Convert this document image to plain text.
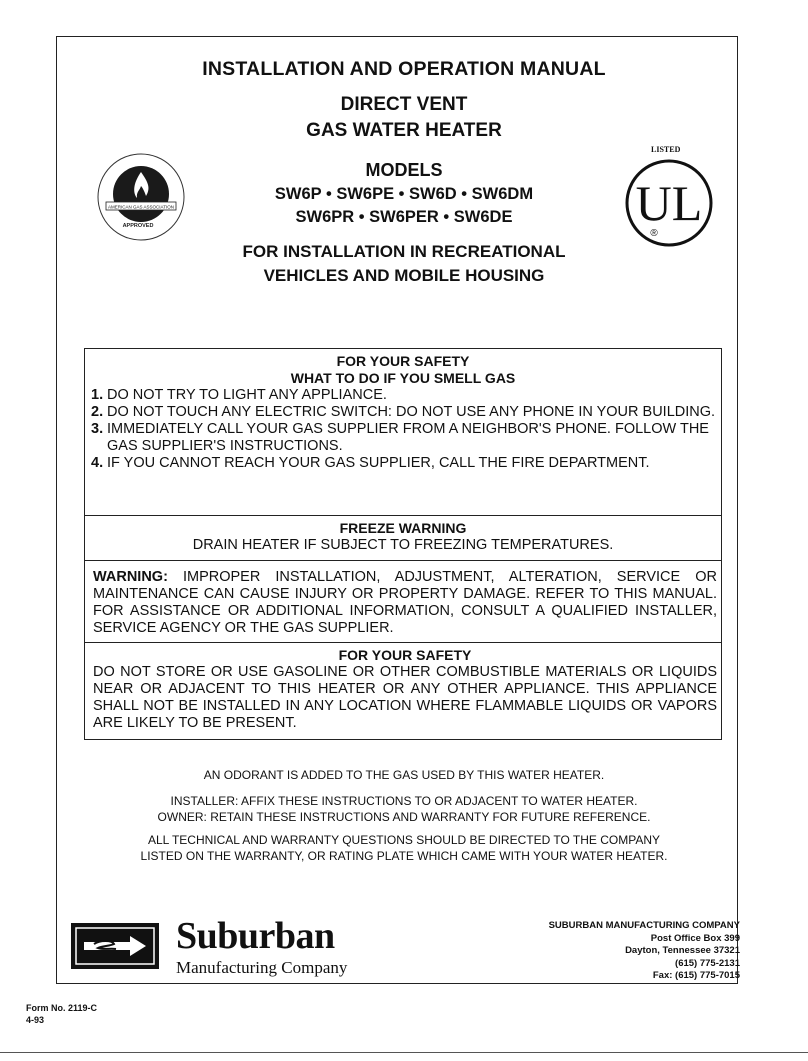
INSTALLATION AND OPERATION MANUAL
DIRECT VENT
GAS WATER HEATER
MODELS
SW6P • SW6PE • SW6D • SW6DM
SW6PR • SW6PER • SW6DE
FOR INSTALLATION IN RECREATIONAL
VEHICLES AND MOBILE HOUSING
AMERICAN GAS ASSOCIATION
APPROVED
LISTED
UL
®
FOR YOUR SAFETY
WHAT TO DO IF YOU SMELL GAS
1. DO NOT TRY TO LIGHT ANY APPLIANCE.
2. DO NOT TOUCH ANY ELECTRIC SWITCH: DO NOT USE ANY PHONE IN YOUR BUILDING.
3. IMMEDIATELY CALL YOUR GAS SUPPLIER FROM A NEIGHBOR'S PHONE. FOLLOW THE GAS SUPPLIER'S INSTRUCTIONS.
4. IF YOU CANNOT REACH YOUR GAS SUPPLIER, CALL THE FIRE DEPARTMENT.
FREEZE WARNING
DRAIN HEATER IF SUBJECT TO FREEZING TEMPERATURES.
WARNING: IMPROPER INSTALLATION, ADJUSTMENT, ALTERATION, SERVICE OR MAINTENANCE CAN CAUSE INJURY OR PROPERTY DAMAGE. REFER TO THIS MANUAL. FOR ASSISTANCE OR ADDITIONAL INFORMATION, CONSULT A QUALIFIED INSTALLER, SERVICE AGENCY OR THE GAS SUPPLIER.
FOR YOUR SAFETY
DO NOT STORE OR USE GASOLINE OR OTHER COMBUSTIBLE MATERIALS OR LIQUIDS NEAR OR ADJACENT TO THIS HEATER OR ANY OTHER APPLIANCE. THIS APPLIANCE SHALL NOT BE INSTALLED IN ANY LOCATION WHERE FLAMMABLE LIQUIDS OR VAPORS ARE LIKELY TO BE PRESENT.
AN ODORANT IS ADDED TO THE GAS USED BY THIS WATER HEATER.
INSTALLER: AFFIX THESE INSTRUCTIONS TO OR ADJACENT TO WATER HEATER.
OWNER: RETAIN THESE INSTRUCTIONS AND WARRANTY FOR FUTURE REFERENCE.
ALL TECHNICAL AND WARRANTY QUESTIONS SHOULD BE DIRECTED TO THE COMPANY
LISTED ON THE WARRANTY, OR RATING PLATE WHICH CAME WITH YOUR WATER HEATER.
Suburban
Manufacturing Company
SUBURBAN MANUFACTURING COMPANY
Post Office Box 399
Dayton, Tennessee 37321
(615) 775-2131
Fax: (615) 775-7015
Form No. 2119-C
4-93
